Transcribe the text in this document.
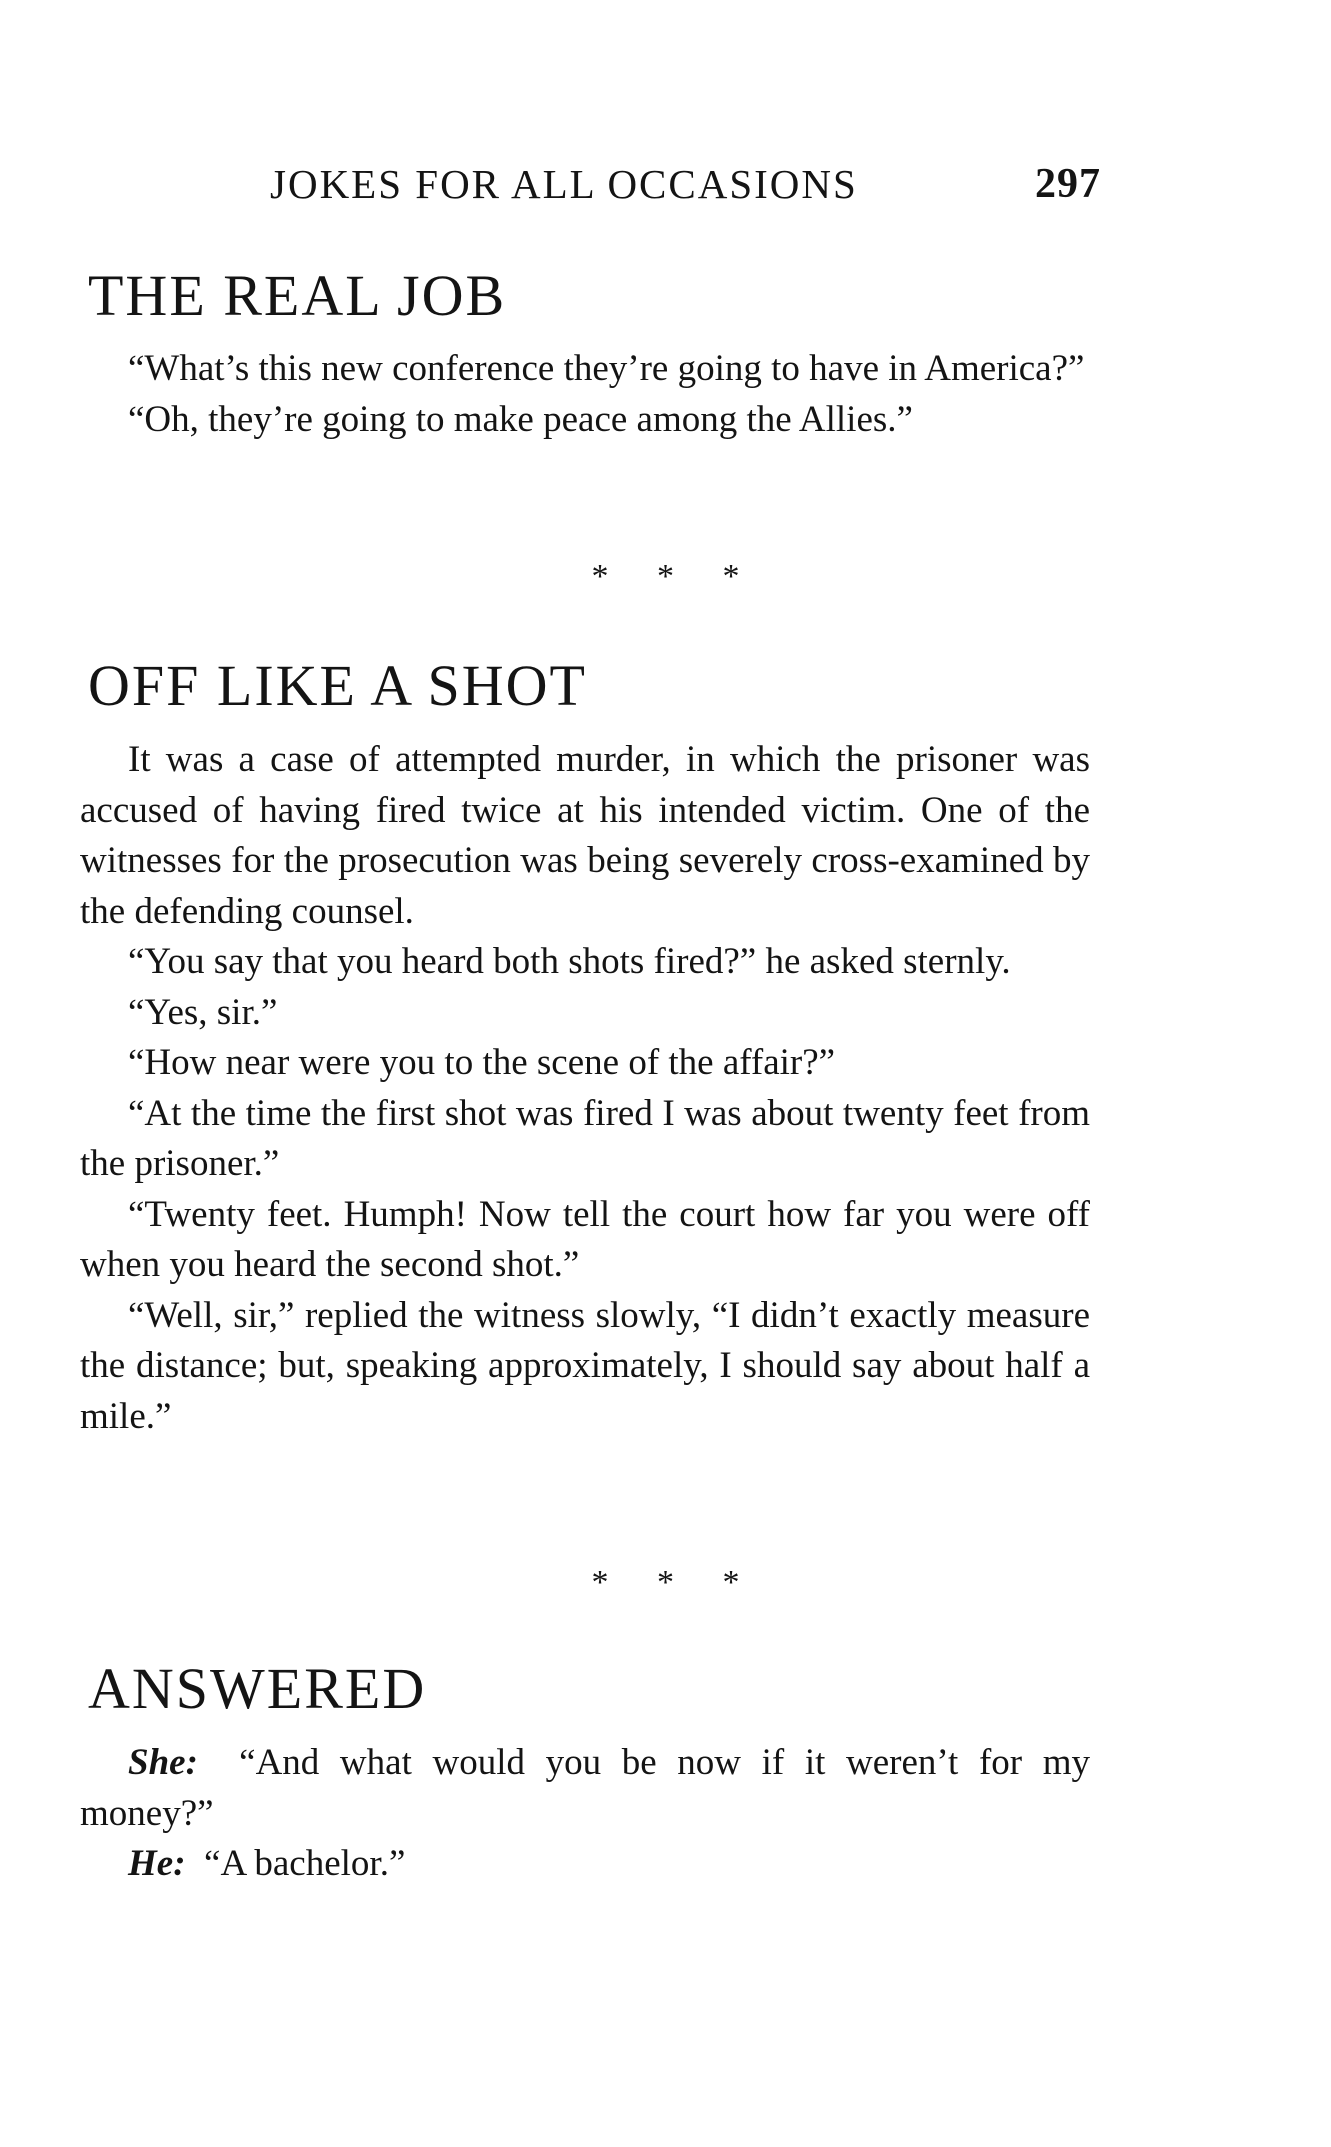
JOKES FOR ALL OCCASIONS	297
THE REAL JOB

“What’s this new conference they’re going to have in America?”

“Oh, they’re going to make peace among the Allies.”

* * *
OFF LIKE A SHOT

It was a case of attempted murder, in which the prisoner was accused of having fired twice at his intended victim. One of the witnesses for the prosecution was being severely cross-examined by the defending counsel.

“You say that you heard both shots fired?” he asked sternly.

“Yes, sir.”

“How near were you to the scene of the affair?”

“At the time the first shot was fired I was about twenty feet from the prisoner.”

“Twenty feet. Humph! Now tell the court how far you were off when you heard the second shot.”

“Well, sir,” replied the witness slowly, “I didn’t exactly measure the distance; but, speaking approximately, I should say about half a mile.”

* * *
ANSWERED

She: “And what would you be now if it weren’t for my money?”

He: “A bachelor.”
